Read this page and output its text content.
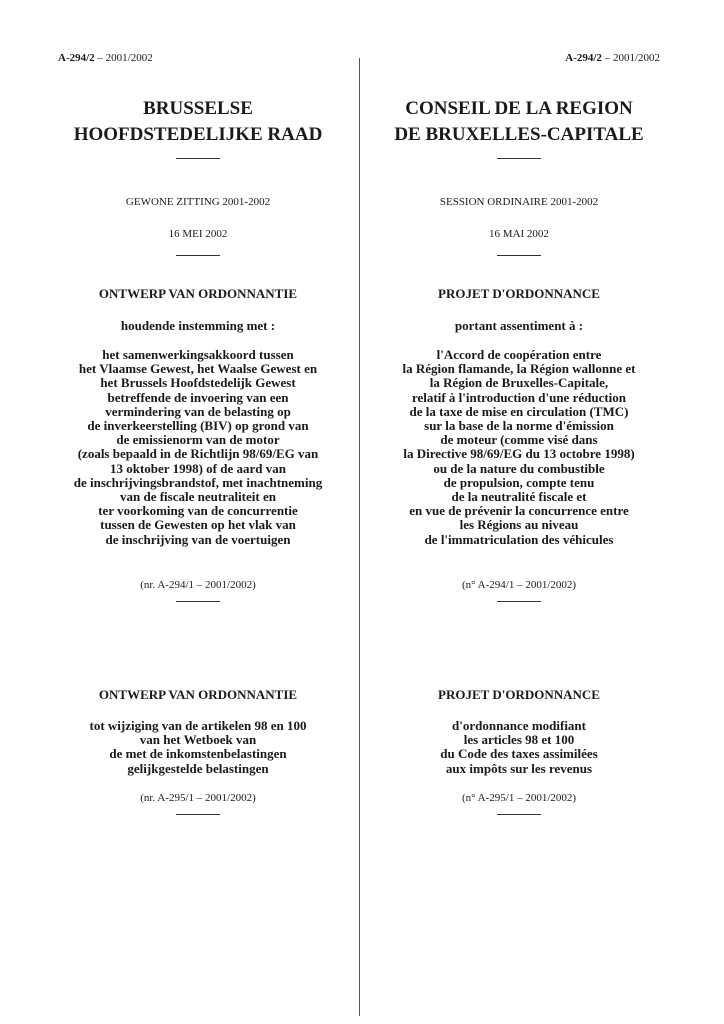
A-294/2 – 2001/2002	A-294/2 – 2001/2002
BRUSSELSE
HOOFDSTEDELIJKE RAAD
GEWONE ZITTING 2001-2002
16 MEI 2002
ONTWERP VAN ORDONNANTIE
houdende instemming met :
het samenwerkingsakkoord tussen
het Vlaamse Gewest, het Waalse Gewest en
het Brussels Hoofdstedelijk Gewest
betreffende de invoering van een
vermindering van de belasting op
de inverkeerstelling (BIV) op grond van
de emissienorm van de motor
(zoals bepaald in de Richtlijn 98/69/EG van
13 oktober 1998) of de aard van
de inschrijvingsbrandstof, met inachtneming
van de fiscale neutraliteit en
ter voorkoming van de concurrentie
tussen de Gewesten op het vlak van
de inschrijving van de voertuigen
(nr. A-294/1 – 2001/2002)
ONTWERP VAN ORDONNANTIE
tot wijziging van de artikelen 98 en 100
van het Wetboek van
de met de inkomstenbelastingen
gelijkgestelde belastingen
(nr. A-295/1 – 2001/2002)
CONSEIL DE LA REGION
DE BRUXELLES-CAPITALE
SESSION ORDINAIRE 2001-2002
16 MAI 2002
PROJET D'ORDONNANCE
portant assentiment à :
l'Accord de coopération entre
la Région flamande, la Région wallonne et
la Région de Bruxelles-Capitale,
relatif à l'introduction d'une réduction
de la taxe de mise en circulation (TMC)
sur la base de la norme d'émission
de moteur (comme visé dans
la Directive 98/69/EG du 13 octobre 1998)
ou de la nature du combustible
de propulsion, compte tenu
de la neutralité fiscale et
en vue de prévenir la concurrence entre
les Régions au niveau
de l'immatriculation des véhicules
(n° A-294/1 – 2001/2002)
PROJET D'ORDONNANCE
d'ordonnance modifiant
les articles 98 et 100
du Code des taxes assimilées
aux impôts sur les revenus
(n° A-295/1 – 2001/2002)
